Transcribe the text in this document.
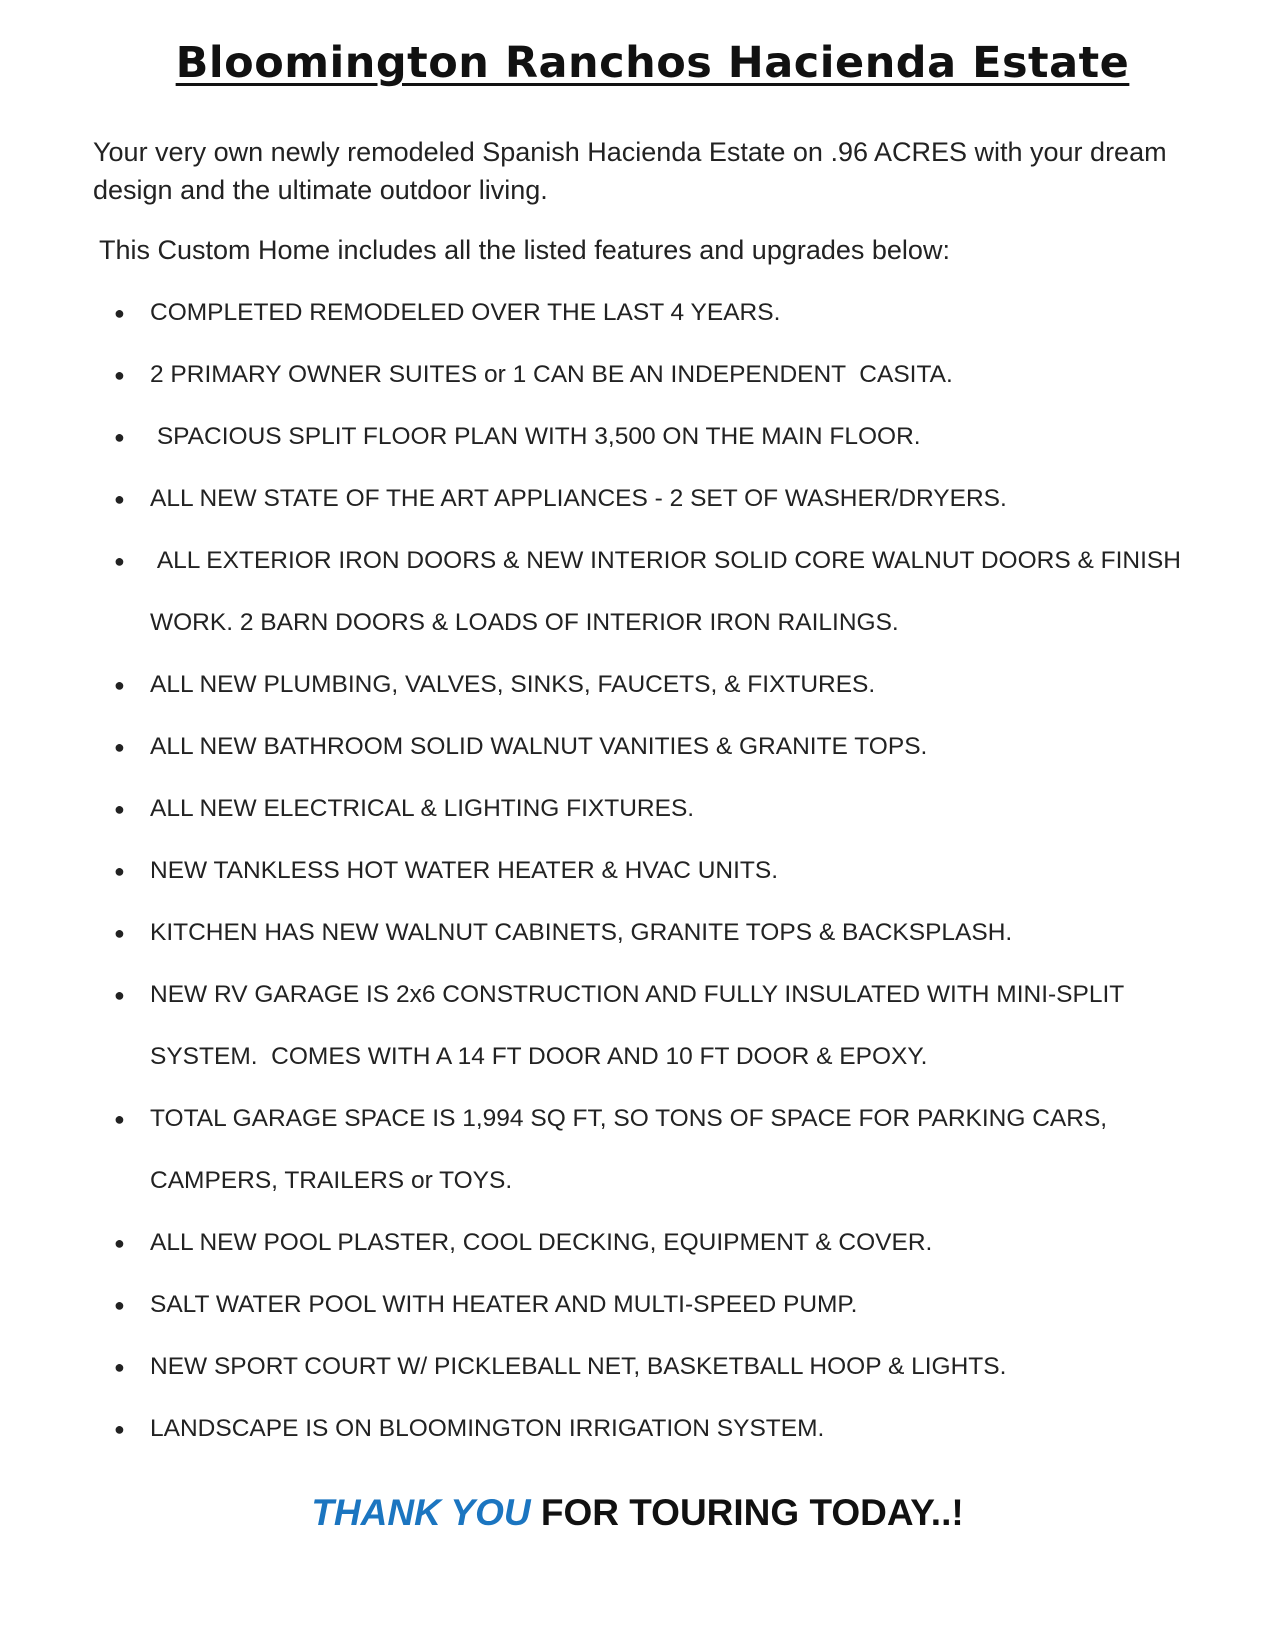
Bloomington Ranchos Hacienda Estate

Your very own newly remodeled Spanish Hacienda Estate on .96 ACRES with your dream design and the ultimate outdoor living.

This Custom Home includes all the listed features and upgrades below:

● COMPLETED REMODELED OVER THE LAST 4 YEARS.
● 2 PRIMARY OWNER SUITES or 1 CAN BE AN INDEPENDENT  CASITA.
● SPACIOUS SPLIT FLOOR PLAN WITH 3,500 ON THE MAIN FLOOR.
● ALL NEW STATE OF THE ART APPLIANCES - 2 SET OF WASHER/DRYERS.
● ALL EXTERIOR IRON DOORS & NEW INTERIOR SOLID CORE WALNUT DOORS & FINISH WORK. 2 BARN DOORS & LOADS OF INTERIOR IRON RAILINGS.
● ALL NEW PLUMBING, VALVES, SINKS, FAUCETS, & FIXTURES.
● ALL NEW BATHROOM SOLID WALNUT VANITIES & GRANITE TOPS.
● ALL NEW ELECTRICAL & LIGHTING FIXTURES.
● NEW TANKLESS HOT WATER HEATER & HVAC UNITS.
● KITCHEN HAS NEW WALNUT CABINETS, GRANITE TOPS & BACKSPLASH.
● NEW RV GARAGE IS 2x6 CONSTRUCTION AND FULLY INSULATED WITH MINI-SPLIT SYSTEM.  COMES WITH A 14 FT DOOR AND 10 FT DOOR & EPOXY.
● TOTAL GARAGE SPACE IS 1,994 SQ FT, SO TONS OF SPACE FOR PARKING CARS, CAMPERS, TRAILERS or TOYS.
● ALL NEW POOL PLASTER, COOL DECKING, EQUIPMENT & COVER.
● SALT WATER POOL WITH HEATER AND MULTI-SPEED PUMP.
● NEW SPORT COURT W/ PICKLEBALL NET, BASKETBALL HOOP & LIGHTS.
● LANDSCAPE IS ON BLOOMINGTON IRRIGATION SYSTEM.

THANK YOU FOR TOURING TODAY..!
